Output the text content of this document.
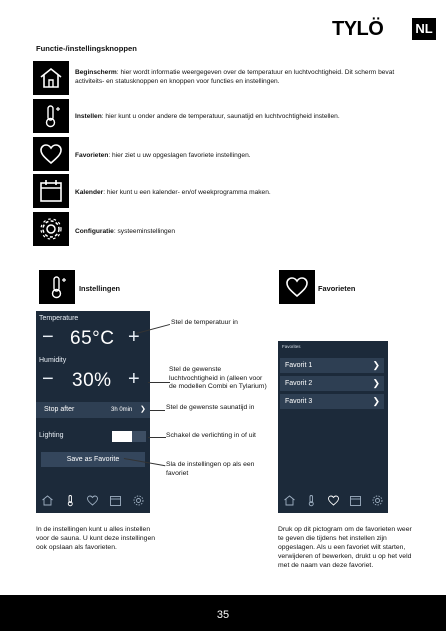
TYLÖ NL
Functie-/instellingsknoppen
Beginscherm: hier wordt informatie weergegeven over de temperatuur en luchtvochtigheid. Dit scherm bevat activiteits- en statusknoppen en knoppen voor functies en instellingen.
Instellen: hier kunt u onder andere de temperatuur, saunatijd en luchtvochtigheid instellen.
Favorieten: hier ziet u uw opgeslagen favoriete instellingen.
Kalender: hier kunt u een kalender- en/of weekprogramma maken.
Configuratie: systeeminstellingen
Instellingen	Favorieten
Temperature
− 65°C +
Humidity
− 30% +
Stop after	3h 0min ❯
Lighting
Save as Favorite
Stel de temperatuur in
Stel de gewenste luchtvochtigheid in (alleen voor de modellen Combi en Tylarium)
Stel de gewenste saunatijd in
Schakel de verlichting in of uit
Sla de instellingen op als een favoriet
Favorites
Favorit 1	❯
Favorit 2	❯
Favorit 3	❯
In de instellingen kunt u alles instellen voor de sauna. U kunt deze instellingen ook opslaan als favorieten.
Druk op dit pictogram om de favorieten weer te geven die tijdens het instellen zijn opgeslagen. Als u een favoriet wilt starten, verwijderen of bewerken, drukt u op het veld met de naam van deze favoriet.
35
